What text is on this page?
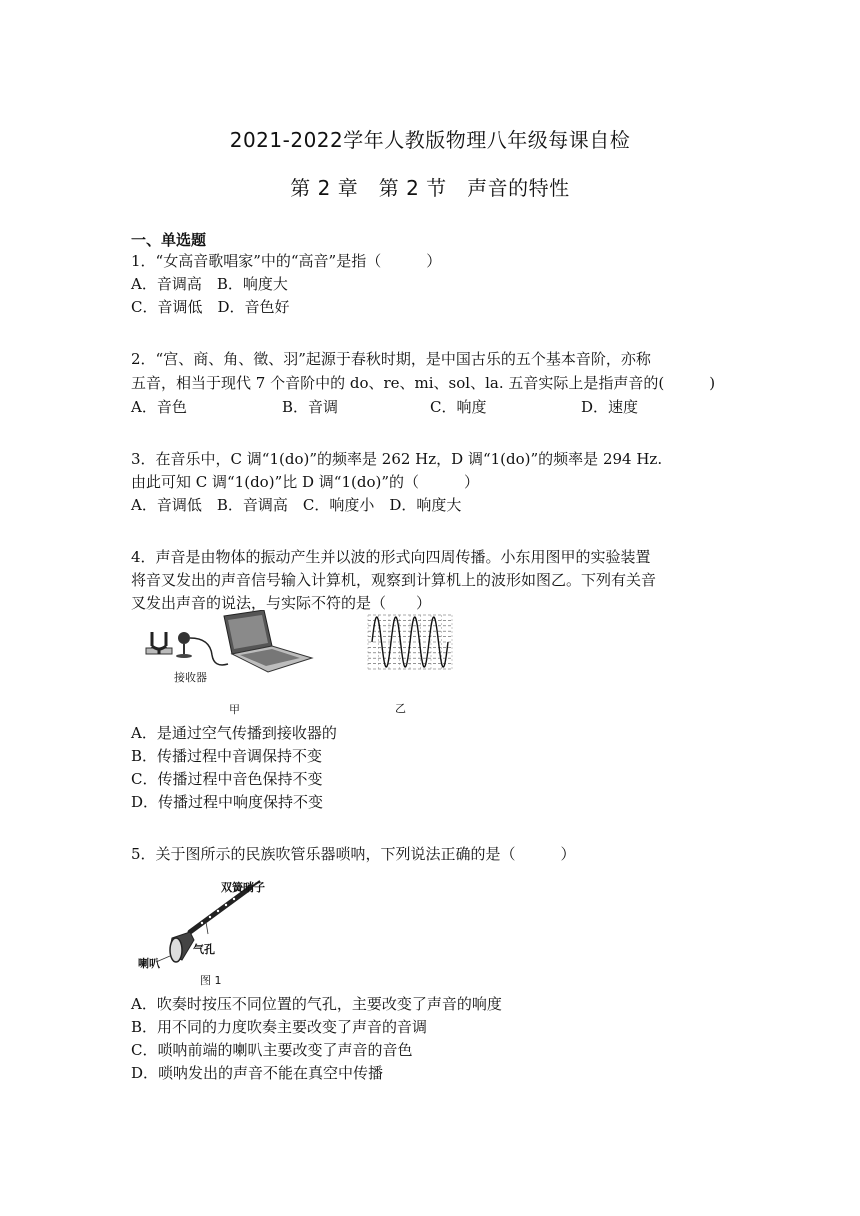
2021-2022学年人教版物理八年级每课自检
第 2 章　第 2 节　声音的特性
一、单选题
1．“女高音歌唱家”中的“高音”是指（　　　）
A．音调高　B．响度大
C．音调低　D．音色好
2．“宫、商、角、徵、羽”起源于春秋时期，是中国古乐的五个基本音阶，亦称
五音，相当于现代 7 个音阶中的 do、re、mi、sol、la. 五音实际上是指声音的(　　　)
A．音色	B．音调	C．响度	D．速度
3．在音乐中，C 调“1(do)”的频率是 262 Hz，D 调“1(do)”的频率是 294 Hz.
由此可知 C 调“1(do)”比 D 调“1(do)”的（　　　）
A．音调低　B．音调高　C．响度小　D．响度大
4．声音是由物体的振动产生并以波的形式向四周传播。小东用图甲的实验装置
将音叉发出的声音信号输入计算机，观察到计算机上的波形如图乙。下列有关音
叉发出声音的说法，与实际不符的是（　　）
接收器
甲	乙
A．是通过空气传播到接收器的
B．传播过程中音调保持不变
C．传播过程中音色保持不变
D．传播过程中响度保持不变
5．关于图所示的民族吹管乐器唢呐，下列说法正确的是（　　　）
双簧哨子
气孔
喇叭
图 1
A．吹奏时按压不同位置的气孔，主要改变了声音的响度
B．用不同的力度吹奏主要改变了声音的音调
C．唢呐前端的喇叭主要改变了声音的音色
D．唢呐发出的声音不能在真空中传播
